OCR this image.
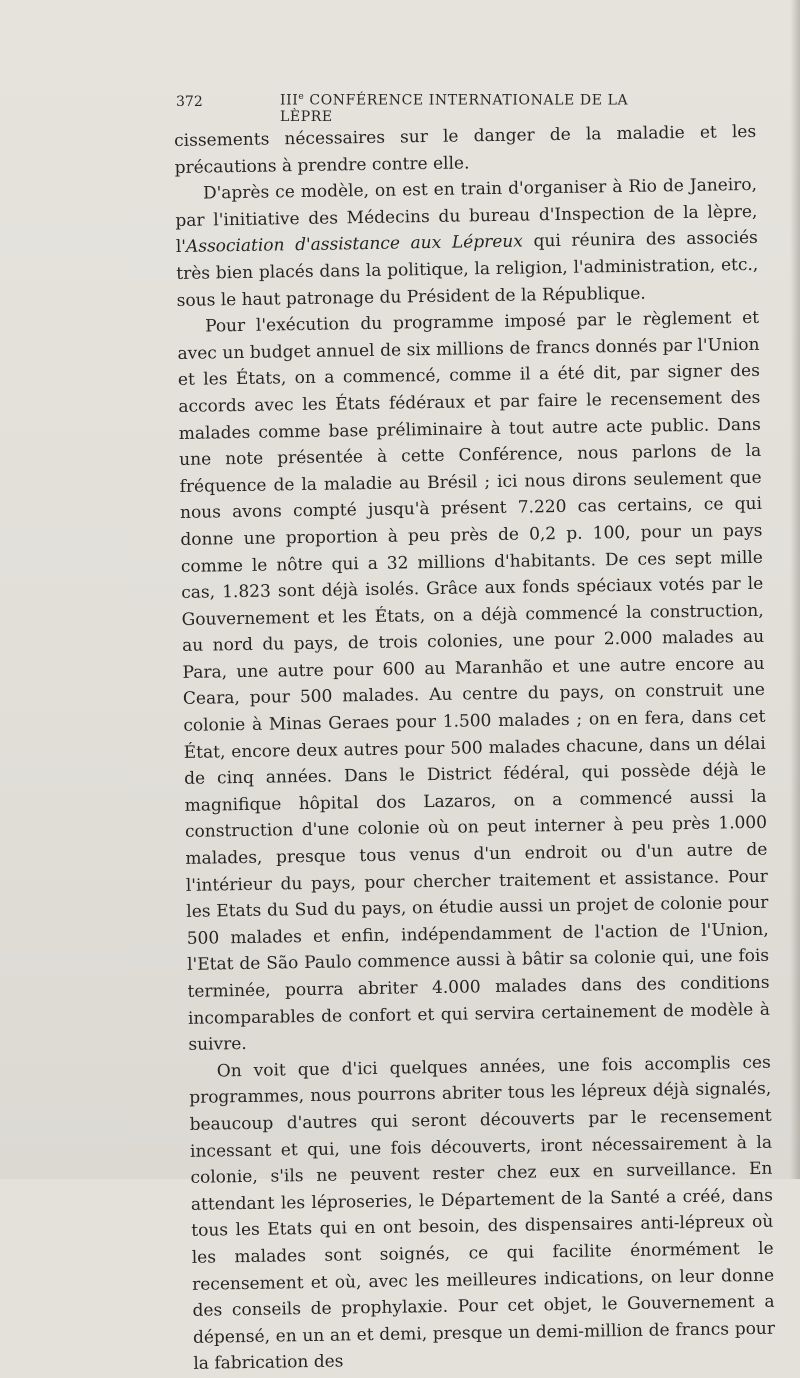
372	IIIe CONFÉRENCE INTERNATIONALE DE LA LÈPRE

cissements nécessaires sur le danger de la maladie et les précautions à prendre contre elle.

D'après ce modèle, on est en train d'organiser à Rio de Janeiro, par l'initiative des Médecins du bureau d'Inspection de la lèpre, l'Association d'assistance aux Lépreux qui réunira des associés très bien placés dans la politique, la religion, l'administration, etc., sous le haut patronage du Président de la République.

Pour l'exécution du programme imposé par le règlement et avec un budget annuel de six millions de francs donnés par l'Union et les États, on a commencé, comme il a été dit, par signer des accords avec les États fédéraux et par faire le recensement des malades comme base préliminaire à tout autre acte public. Dans une note présentée à cette Conférence, nous parlons de la fréquence de la maladie au Brésil ; ici nous dirons seulement que nous avons compté jusqu'à présent 7.220 cas certains, ce qui donne une proportion à peu près de 0,2 p. 100, pour un pays comme le nôtre qui a 32 millions d'habitants. De ces sept mille cas, 1.823 sont déjà isolés. Grâce aux fonds spéciaux votés par le Gouvernement et les États, on a déjà commencé la construction, au nord du pays, de trois colonies, une pour 2.000 malades au Para, une autre pour 600 au Maranhão et une autre encore au Ceara, pour 500 malades. Au centre du pays, on construit une colonie à Minas Geraes pour 1.500 malades ; on en fera, dans cet État, encore deux autres pour 500 malades chacune, dans un délai de cinq années. Dans le District fédéral, qui possède déjà le magnifique hôpital dos Lazaros, on a commencé aussi la construction d'une colonie où on peut interner à peu près 1.000 malades, presque tous venus d'un endroit ou d'un autre de l'intérieur du pays, pour chercher traitement et assistance. Pour les Etats du Sud du pays, on étudie aussi un projet de colonie pour 500 malades et enfin, indépendamment de l'action de l'Union, l'Etat de São Paulo commence aussi à bâtir sa colonie qui, une fois terminée, pourra abriter 4.000 malades dans des conditions incomparables de confort et qui servira certainement de modèle à suivre.

On voit que d'ici quelques années, une fois accomplis ces programmes, nous pourrons abriter tous les lépreux déjà signalés, beaucoup d'autres qui seront découverts par le recensement incessant et qui, une fois découverts, iront nécessairement à la colonie, s'ils ne peuvent rester chez eux en surveillance. En attendant les léproseries, le Département de la Santé a créé, dans tous les Etats qui en ont besoin, des dispensaires anti-lépreux où les malades sont soignés, ce qui facilite énormément le recensement et où, avec les meilleures indications, on leur donne des conseils de prophylaxie. Pour cet objet, le Gouvernement a dépensé, en un an et demi, presque un demi-million de francs pour la fabrication des
